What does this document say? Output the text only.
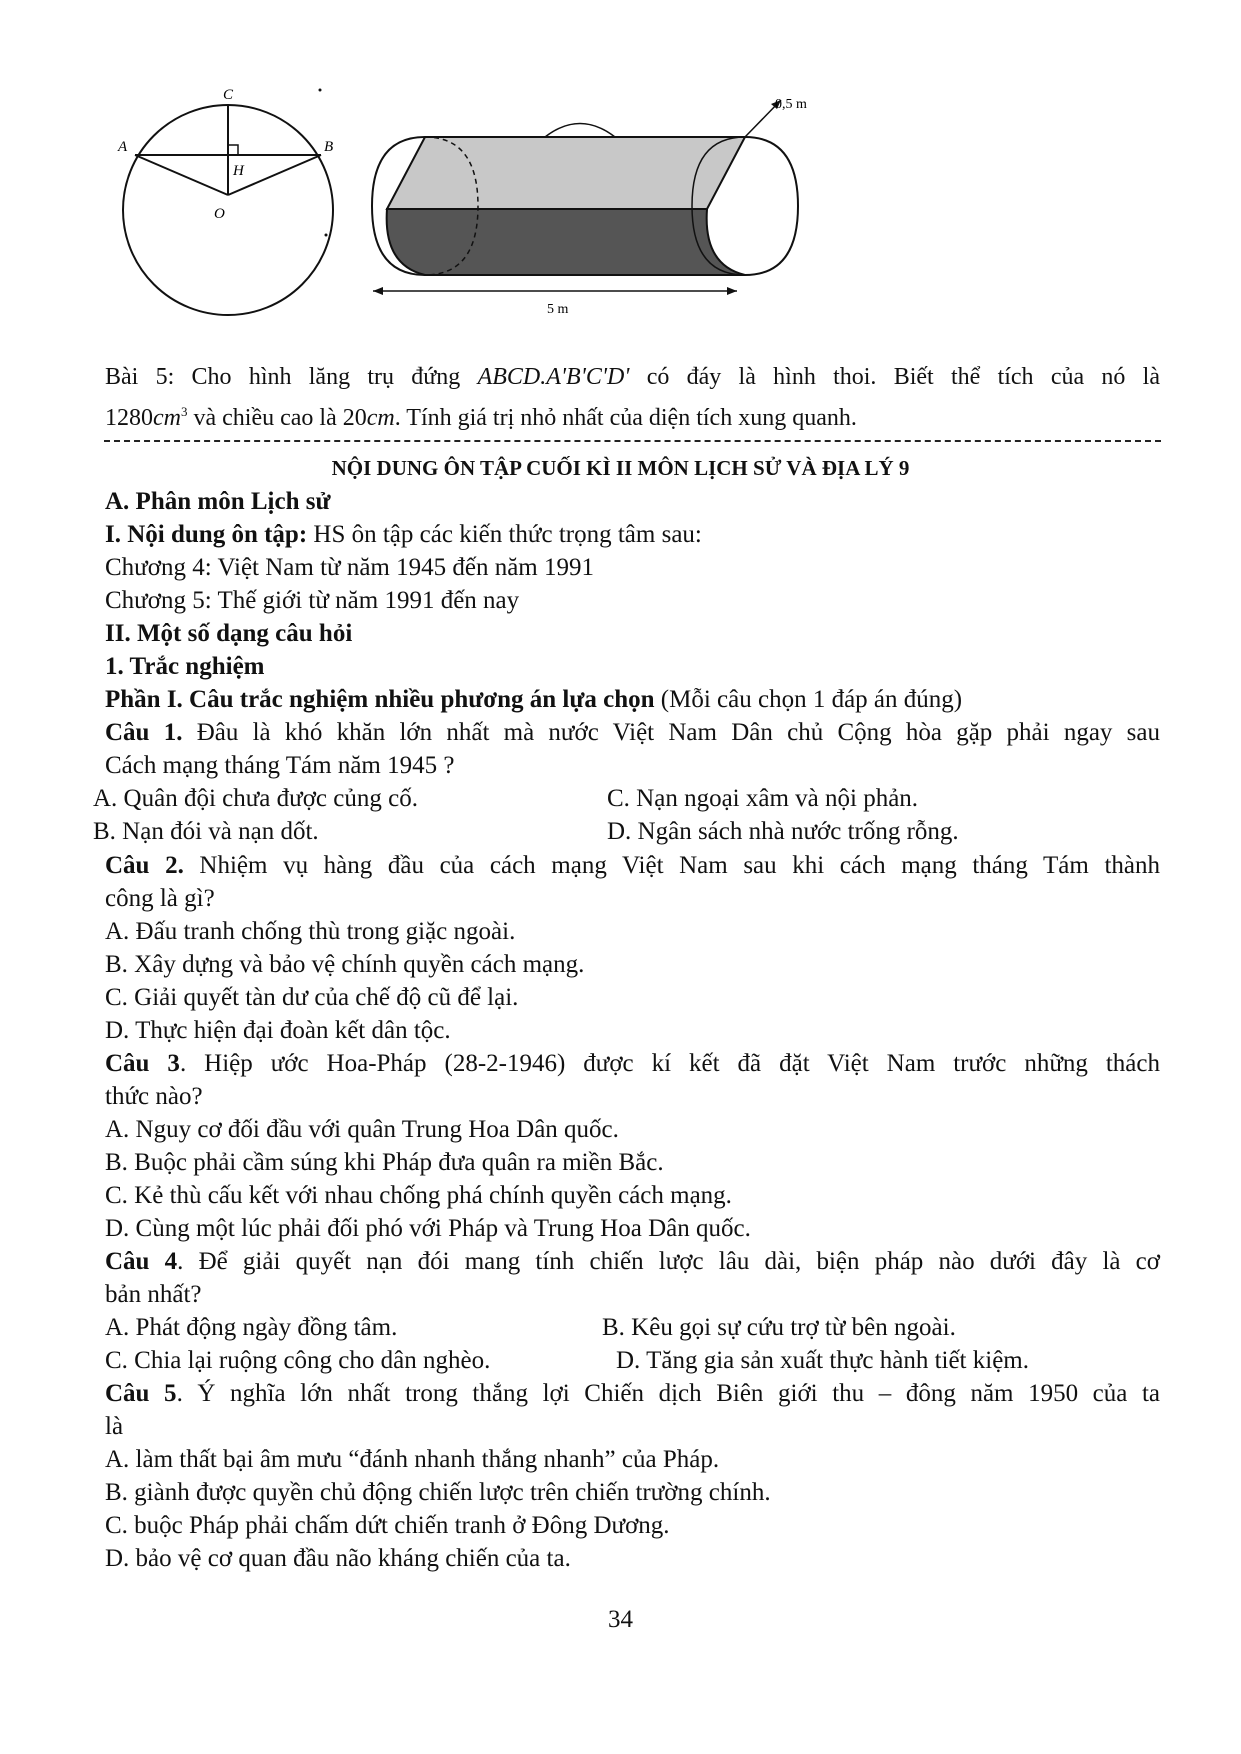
C
A	B
H
O
0,5 m
5 m
Bài 5: Cho hình lăng trụ đứng ABCD.A'B'C'D' có đáy là hình thoi. Biết thể tích của nó là
$1280cm^3$ và chiều cao là 20cm. Tính giá trị nhỏ nhất của diện tích xung quanh.
NỘI DUNG ÔN TẬP CUỐI KÌ II MÔN LỊCH SỬ VÀ ĐỊA LÝ 9
A. Phân môn Lịch sử
I. Nội dung ôn tập: HS ôn tập các kiến thức trọng tâm sau:
Chương 4: Việt Nam từ năm 1945 đến năm 1991
Chương 5: Thế giới từ năm 1991 đến nay
II. Một số dạng câu hỏi
1. Trắc nghiệm
Phần I. Câu trắc nghiệm nhiều phương án lựa chọn (Mỗi câu chọn 1 đáp án đúng)
Câu 1. Đâu là khó khăn lớn nhất mà nước Việt Nam Dân chủ Cộng hòa gặp phải ngay sau
Cách mạng tháng Tám năm 1945 ?
A. Quân đội chưa được củng cố.	C. Nạn ngoại xâm và nội phản.
B. Nạn đói và nạn dốt.	D. Ngân sách nhà nước trống rỗng.
Câu 2. Nhiệm vụ hàng đầu của cách mạng Việt Nam sau khi cách mạng tháng Tám thành
công là gì?
A. Đấu tranh chống thù trong giặc ngoài.
B. Xây dựng và bảo vệ chính quyền cách mạng.
C. Giải quyết tàn dư của chế độ cũ để lại.
D. Thực hiện đại đoàn kết dân tộc.
Câu 3. Hiệp ước Hoa-Pháp (28-2-1946) được kí kết đã đặt Việt Nam trước những thách
thức nào?
A. Nguy cơ đối đầu với quân Trung Hoa Dân quốc.
B. Buộc phải cầm súng khi Pháp đưa quân ra miền Bắc.
C. Kẻ thù cấu kết với nhau chống phá chính quyền cách mạng.
D. Cùng một lúc phải đối phó với Pháp và Trung Hoa Dân quốc.
Câu 4. Để giải quyết nạn đói mang tính chiến lược lâu dài, biện pháp nào dưới đây là cơ
bản nhất?
A. Phát động ngày đồng tâm.	B. Kêu gọi sự cứu trợ từ bên ngoài.
C. Chia lại ruộng công cho dân nghèo.	D. Tăng gia sản xuất thực hành tiết kiệm.
Câu 5. Ý nghĩa lớn nhất trong thắng lợi Chiến dịch Biên giới thu – đông năm 1950 của ta
là
A. làm thất bại âm mưu “đánh nhanh thắng nhanh” của Pháp.
B. giành được quyền chủ động chiến lược trên chiến trường chính.
C. buộc Pháp phải chấm dứt chiến tranh ở Đông Dương.
D. bảo vệ cơ quan đầu não kháng chiến của ta.
34
